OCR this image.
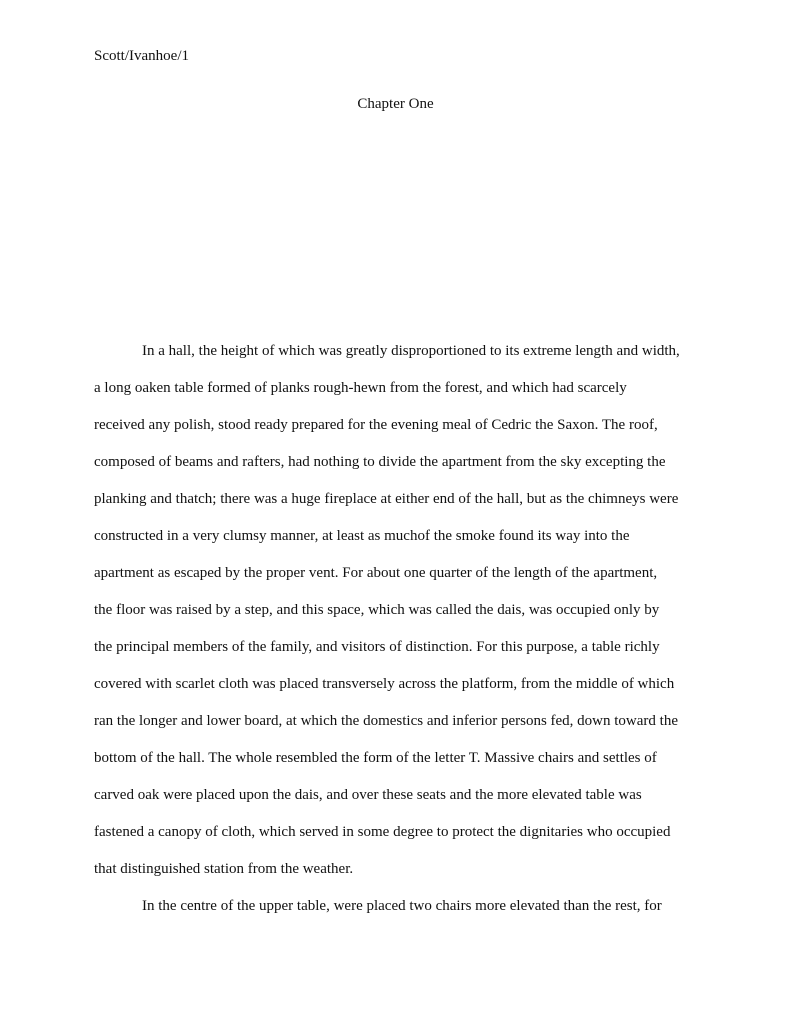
Scott/Ivanhoe/1
Chapter One
In a hall, the height of which was greatly disproportioned to its extreme length and width,
a long oaken table formed of planks rough-hewn from the forest, and which had scarcely
received any polish, stood ready prepared for the evening meal of Cedric the Saxon. The roof,
composed of beams and rafters, had nothing to divide the apartment from the sky excepting the
planking and thatch; there was a huge fireplace at either end of the hall, but as the chimneys were
constructed in a very clumsy manner, at least as muchof the smoke found its way into the
apartment as escaped by the proper vent. For about one quarter of the length of the apartment,
the floor was raised by a step, and this space, which was called the dais, was occupied only by
the principal members of the family, and visitors of distinction. For this purpose, a table richly
covered with scarlet cloth was placed transversely across the platform, from the middle of which
ran the longer and lower board, at which the domestics and inferior persons fed, down toward the
bottom of the hall. The whole resembled the form of the letter T. Massive chairs and settles of
carved oak were placed upon the dais, and over these seats and the more elevated table was
fastened a canopy of cloth, which served in some degree to protect the dignitaries who occupied
that distinguished station from the weather.
In the centre of the upper table, were placed two chairs more elevated than the rest, for
